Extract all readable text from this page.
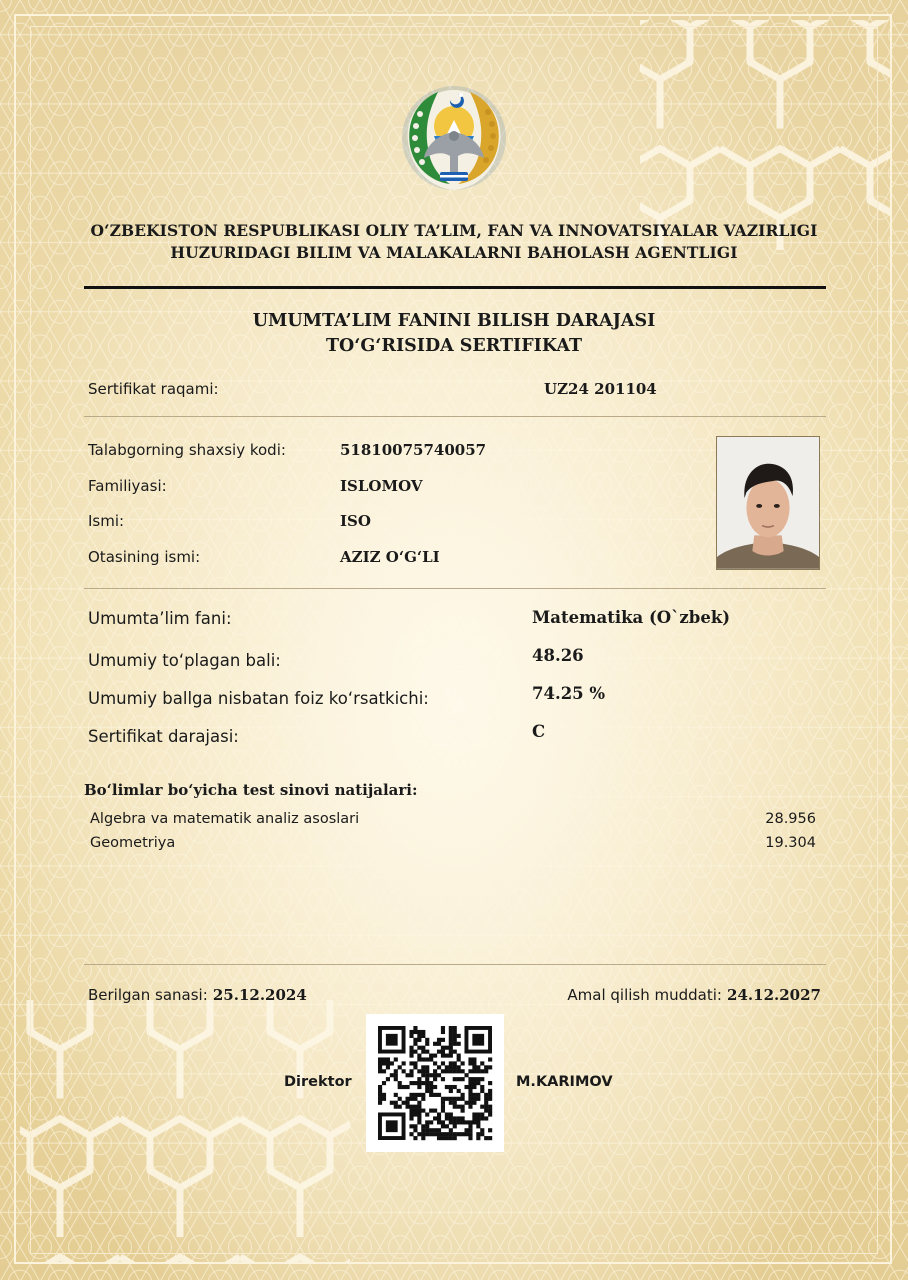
O‘ZBEKISTON RESPUBLIKASI OLIY TA’LIM, FAN VA INNOVATSIYALAR VAZIRLIGI
HUZURIDAGI BILIM VA MALAKALARNI BAHOLASH AGENTLIGI
UMUMTA’LIM FANINI BILISH DARAJASI
TO‘G‘RISIDA SERTIFIKAT
Sertifikat raqami:	UZ24 201104
Talabgorning shaxsiy kodi:	51810075740057
Familiyasi:	ISLOMOV
Ismi:	ISO
Otasining ismi:	AZIZ O‘G‘LI
Umumta’lim fani:	Matematika (O`zbek)
Umumiy to‘plagan bali:	48.26
Umumiy ballga nisbatan foiz ko‘rsatkichi:	74.25 %
Sertifikat darajasi:	C
Bo‘limlar bo‘yicha test sinovi natijalari:
Algebra va matematik analiz asoslari	28.956
Geometriya	19.304
Berilgan sanasi: 25.12.2024	Amal qilish muddati: 24.12.2027
Direktor	M.KARIMOV
